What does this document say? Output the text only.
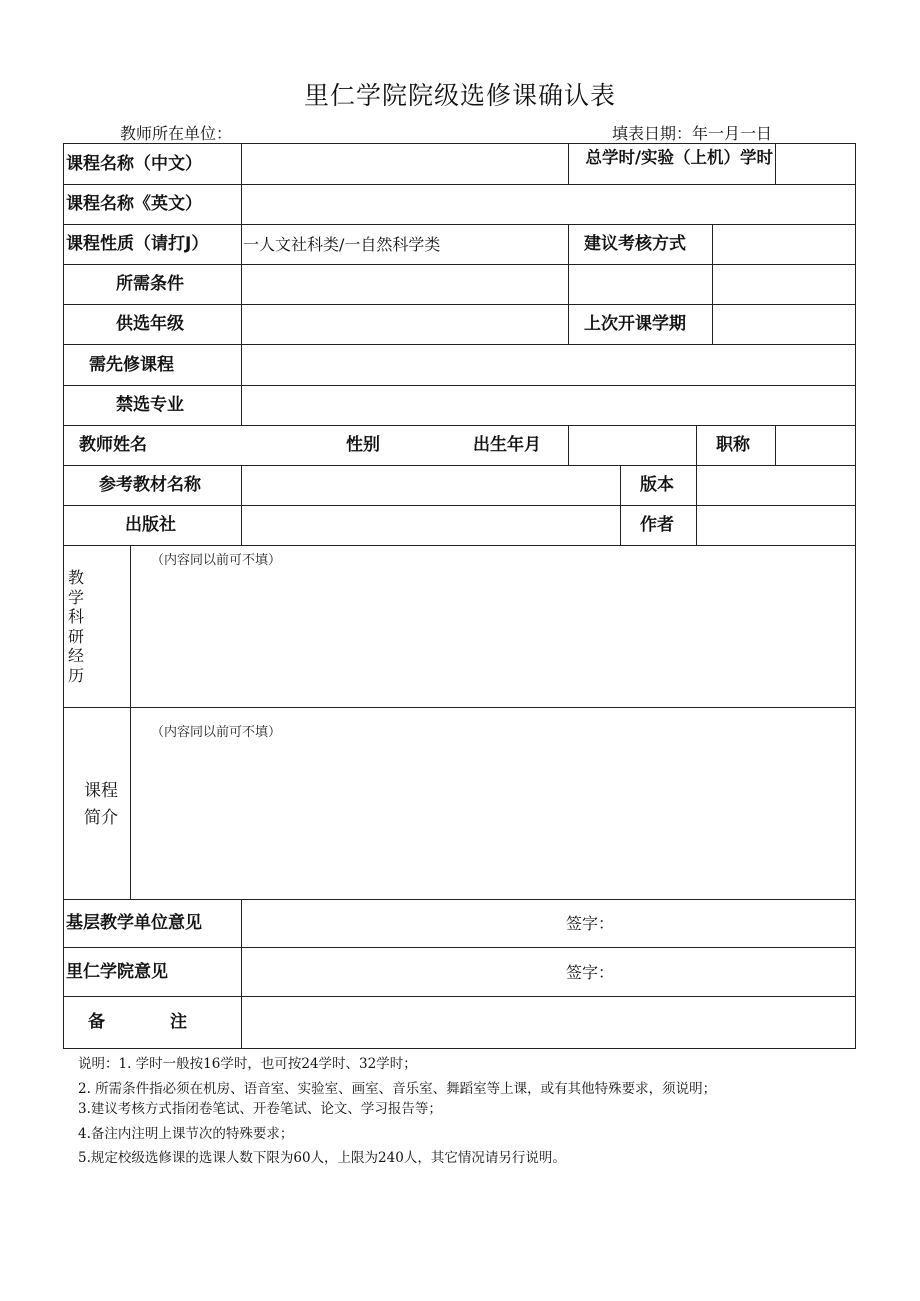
里仁学院院级选修课确认表
教师所在单位：	填表日期：年一月一日
课程名称（中文）	总学时/实验（上机）学时
课程名称《英文）
课程性质（请打J） 一人文社科类/一自然科学类	建议考核方式
所需条件
供选年级	上次开课学期
需先修课程
禁选专业
教师姓名	性别	出生年月	职称
参考教材名称	版本
出版社	作者
教学科研经历
（内容同以前可不填）
课程
简介
（内容同以前可不填）
基层教学单位意见	签字：
里仁学院意见	签字：
备	注
说明：1. 学时一般按16学时，也可按24学时、32学时；
2. 所需条件指必须在机房、语音室、实验室、画室、音乐室、舞蹈室等上课，或有其他特殊要求，须说明；
3.建议考核方式指闭卷笔试、开卷笔试、论文、学习报告等；
4.备注内注明上课节次的特殊要求；
5.规定校级选修课的选课人数下限为60人，上限为240人，其它情况请另行说明。
